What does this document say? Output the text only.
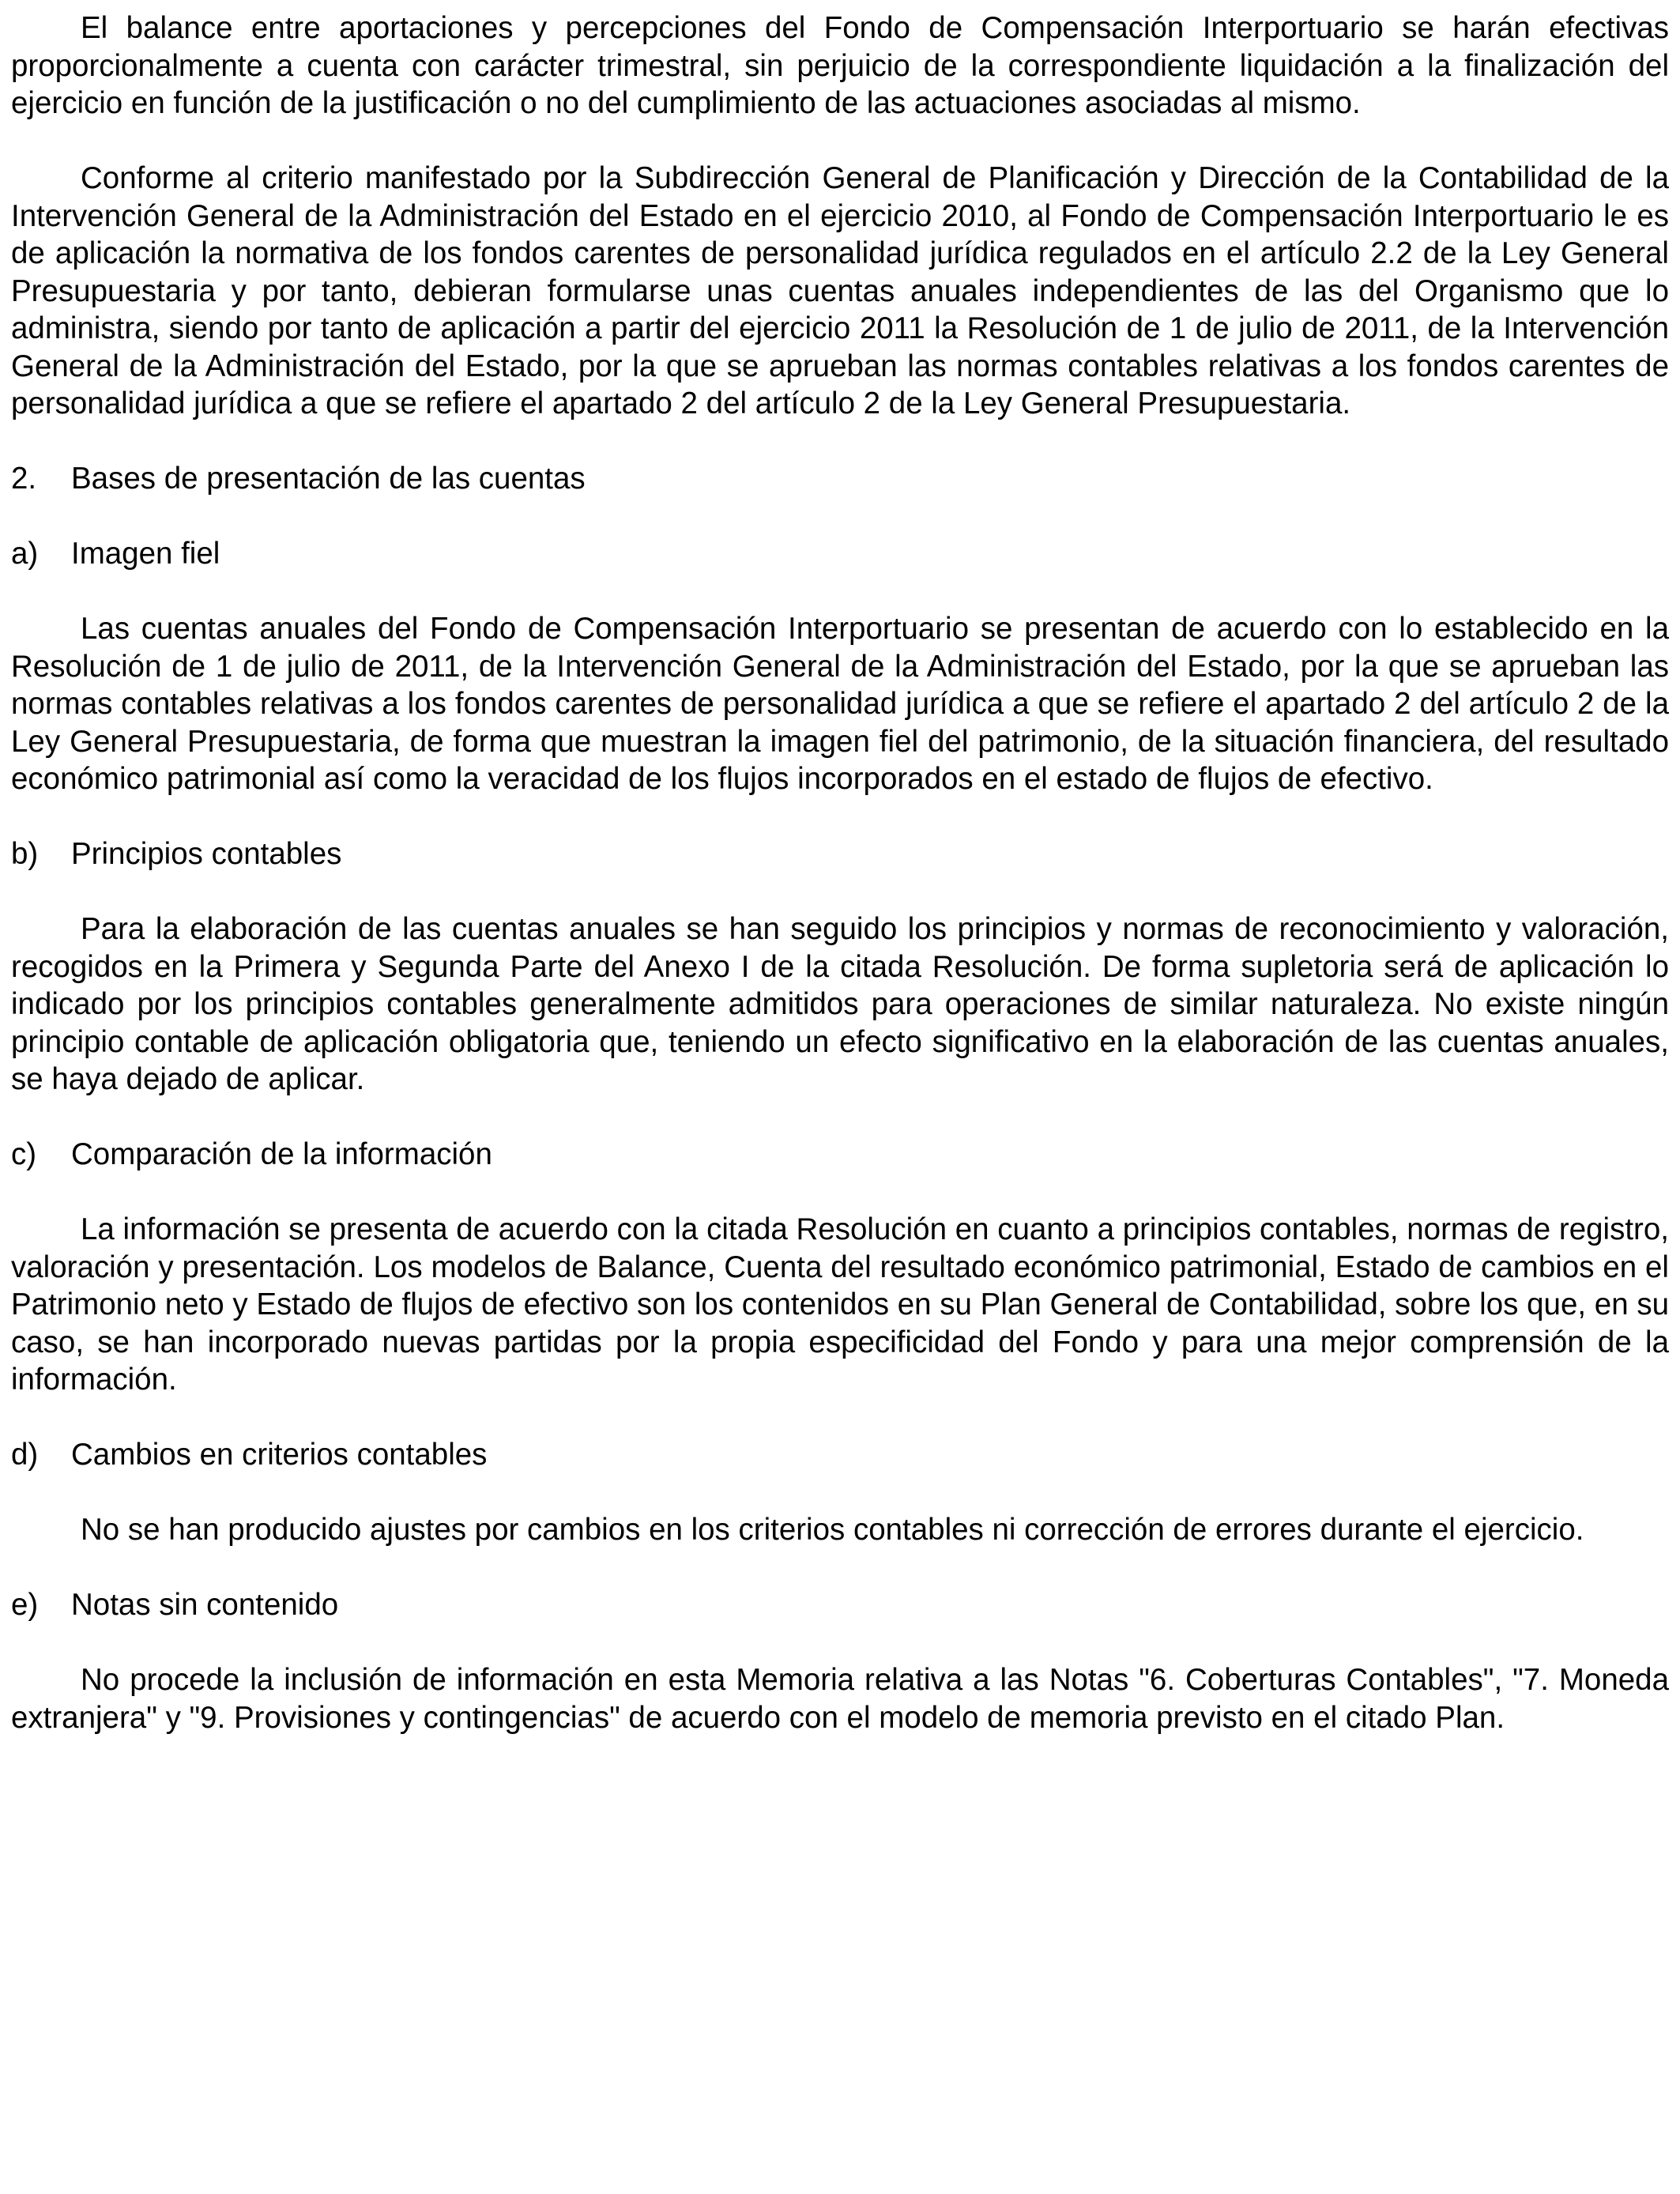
El balance entre aportaciones y percepciones del Fondo de Compensación Interportuario se harán efectivas proporcionalmente a cuenta con carácter trimestral, sin perjuicio de la correspondiente liquidación a la finalización del ejercicio en función de la justificación o no del cumplimiento de las actuaciones asociadas al mismo.

Conforme al criterio manifestado por la Subdirección General de Planificación y Dirección de la Contabilidad de la Intervención General de la Administración del Estado en el ejercicio 2010, al Fondo de Compensación Interportuario le es de aplicación la normativa de los fondos carentes de personalidad jurídica regulados en el artículo 2.2 de la Ley General Presupuestaria y por tanto, debieran formularse unas cuentas anuales independientes de las del Organismo que lo administra, siendo por tanto de aplicación a partir del ejercicio 2011 la Resolución de 1 de julio de 2011, de la Intervención General de la Administración del Estado, por la que se aprueban las normas contables relativas a los fondos carentes de personalidad jurídica a que se refiere el apartado 2 del artículo 2 de la Ley General Presupuestaria.

2.	Bases de presentación de las cuentas
a)	Imagen fiel

Las cuentas anuales del Fondo de Compensación Interportuario se presentan de acuerdo con lo establecido en la Resolución de 1 de julio de 2011, de la Intervención General de la Administración del Estado, por la que se aprueban las normas contables relativas a los fondos carentes de personalidad jurídica a que se refiere el apartado 2 del artículo 2 de la Ley General Presupuestaria, de forma que muestran la imagen fiel del patrimonio, de la situación financiera, del resultado económico patrimonial así como la veracidad de los flujos incorporados en el estado de flujos de efectivo.

b)	Principios contables

Para la elaboración de las cuentas anuales se han seguido los principios y normas de reconocimiento y valoración, recogidos en la Primera y Segunda Parte del Anexo I de la citada Resolución. De forma supletoria será de aplicación lo indicado por los principios contables generalmente admitidos para operaciones de similar naturaleza. No existe ningún principio contable de aplicación obligatoria que, teniendo un efecto significativo en la elaboración de las cuentas anuales, se haya dejado de aplicar.

c)	Comparación de la información

La información se presenta de acuerdo con la citada Resolución en cuanto a principios contables, normas de registro, valoración y presentación. Los modelos de Balance, Cuenta del resultado económico patrimonial, Estado de cambios en el Patrimonio neto y Estado de flujos de efectivo son los contenidos en su Plan General de Contabilidad, sobre los que, en su caso, se han incorporado nuevas partidas por la propia especificidad del Fondo y para una mejor comprensión de la información.

d)	Cambios en criterios contables

No se han producido ajustes por cambios en los criterios contables ni corrección de errores durante el ejercicio.

e)	Notas sin contenido

No procede la inclusión de información en esta Memoria relativa a las Notas "6. Coberturas Contables", "7. Moneda extranjera" y "9. Provisiones y contingencias" de acuerdo con el modelo de memoria previsto en el citado Plan.
